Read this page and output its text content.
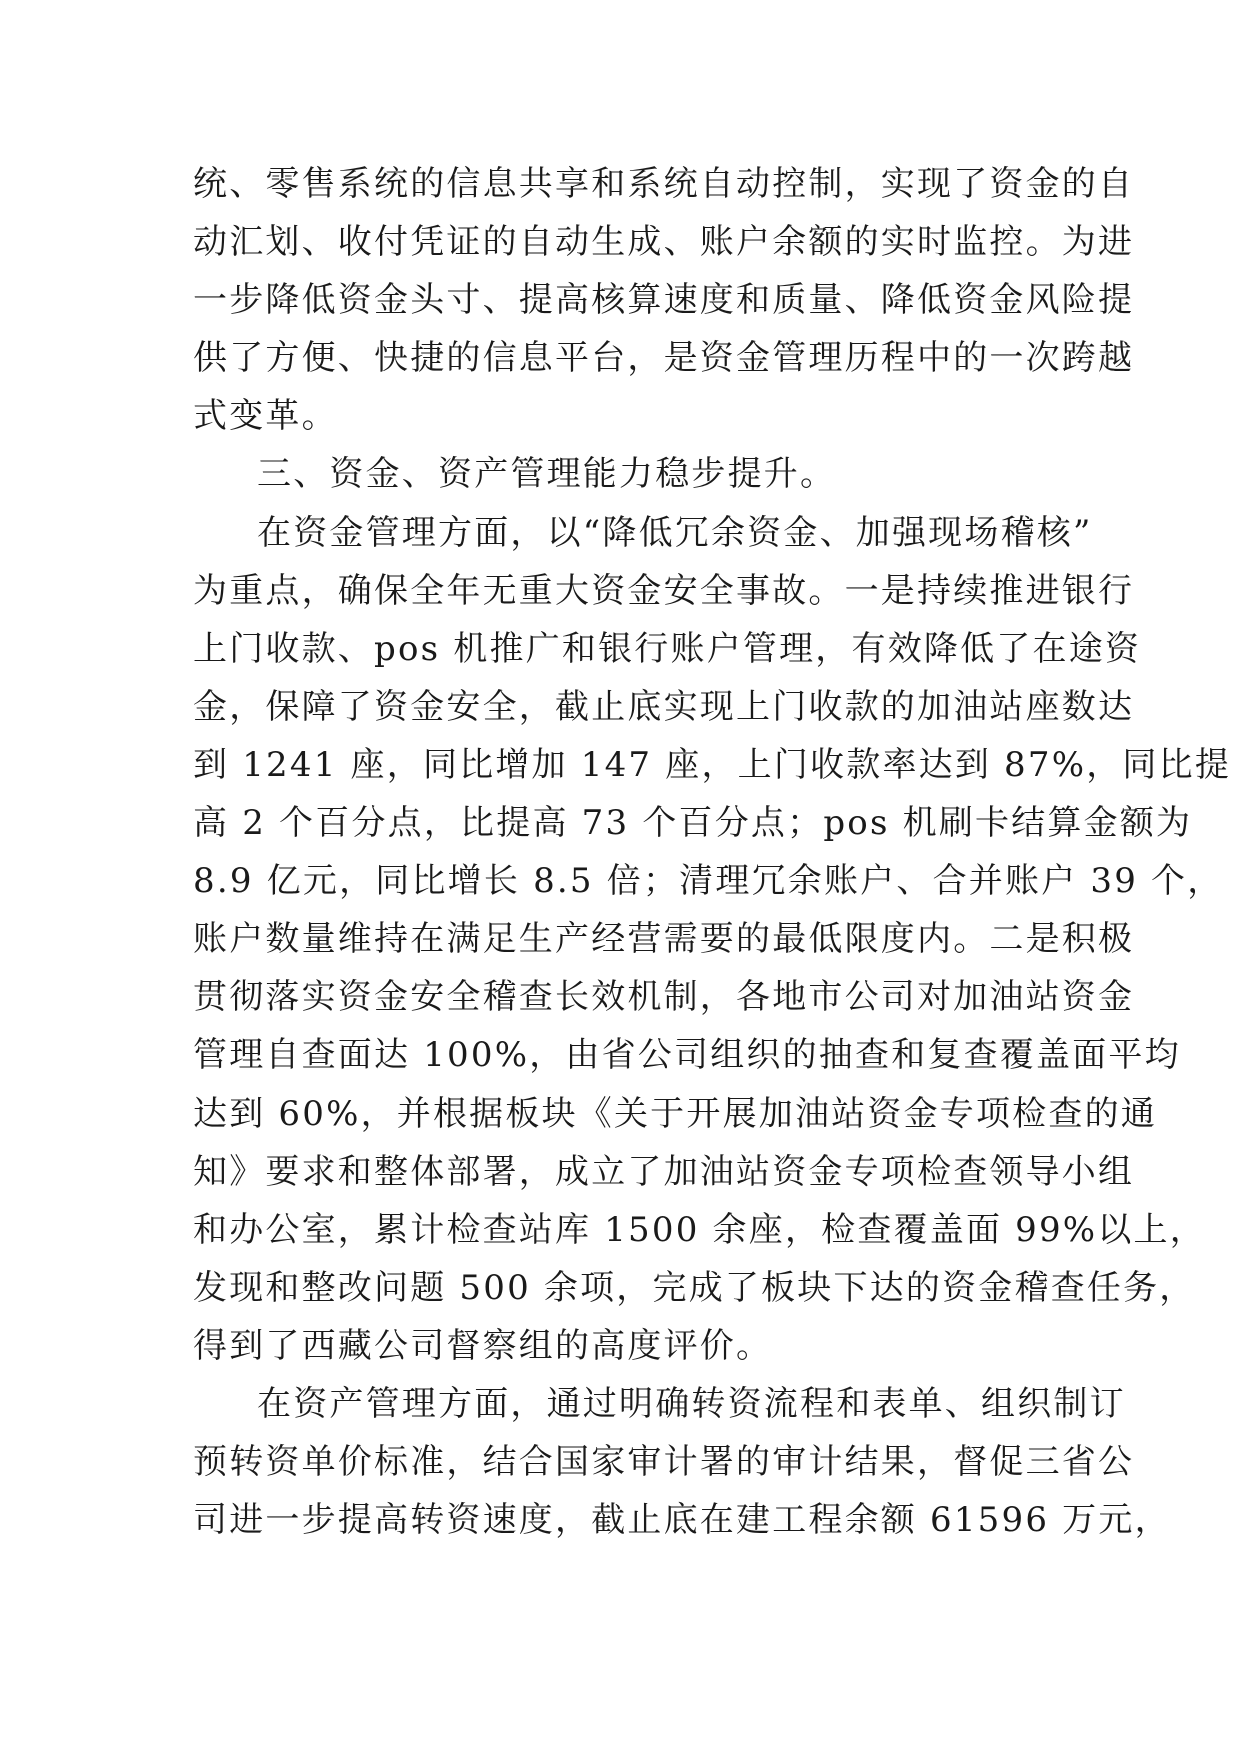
统、零售系统的信息共享和系统自动控制，实现了资金的自
动汇划、收付凭证的自动生成、账户余额的实时监控。为进
一步降低资金头寸、提高核算速度和质量、降低资金风险提
供了方便、快捷的信息平台，是资金管理历程中的一次跨越
式变革。
三、资金、资产管理能力稳步提升。
在资金管理方面，以“降低冗余资金、加强现场稽核”
为重点，确保全年无重大资金安全事故。一是持续推进银行
上门收款、pos 机推广和银行账户管理，有效降低了在途资
金，保障了资金安全，截止底实现上门收款的加油站座数达
到 1241 座，同比增加 147 座，上门收款率达到 87%，同比提
高 2 个百分点，比提高 73 个百分点；pos 机刷卡结算金额为
8.9 亿元，同比增长 8.5 倍；清理冗余账户、合并账户 39 个，
账户数量维持在满足生产经营需要的最低限度内。二是积极
贯彻落实资金安全稽查长效机制，各地市公司对加油站资金
管理自查面达 100%，由省公司组织的抽查和复查覆盖面平均
达到 60%，并根据板块《关于开展加油站资金专项检查的通
知》要求和整体部署，成立了加油站资金专项检查领导小组
和办公室，累计检查站库 1500 余座，检查覆盖面 99%以上，
发现和整改问题 500 余项，完成了板块下达的资金稽查任务，
得到了西藏公司督察组的高度评价。
在资产管理方面，通过明确转资流程和表单、组织制订
预转资单价标准，结合国家审计署的审计结果，督促三省公
司进一步提高转资速度，截止底在建工程余额 61596 万元，
